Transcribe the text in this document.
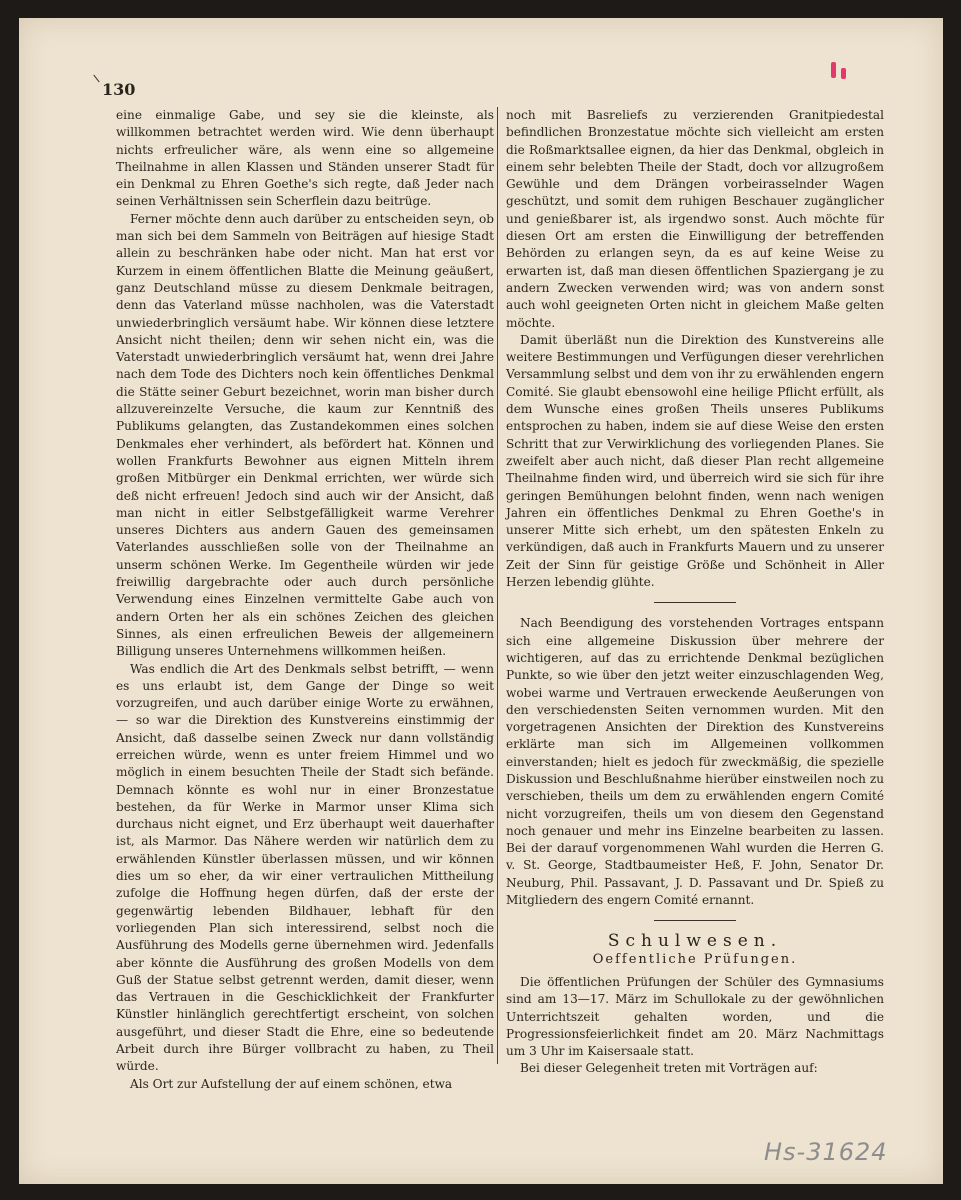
130

eine einmalige Gabe, und sey sie die kleinste, als willkommen betrachtet werden wird. Wie denn überhaupt nichts erfreulicher wäre, als wenn eine so allgemeine Theilnahme in allen Klassen und Ständen unserer Stadt für ein Denkmal zu Ehren Goethe's sich regte, daß Jeder nach seinen Verhältnissen sein Scherflein dazu beitrüge.

Ferner möchte denn auch darüber zu entscheiden seyn, ob man sich bei dem Sammeln von Beiträgen auf hiesige Stadt allein zu beschränken habe oder nicht. Man hat erst vor Kurzem in einem öffentlichen Blatte die Meinung geäußert, ganz Deutschland müsse zu diesem Denkmale beitragen, denn das Vaterland müsse nachholen, was die Vaterstadt unwiederbringlich versäumt habe. Wir können diese letztere Ansicht nicht theilen; denn wir sehen nicht ein, was die Vaterstadt unwiederbringlich versäumt hat, wenn drei Jahre nach dem Tode des Dichters noch kein öffentliches Denkmal die Stätte seiner Geburt bezeichnet, worin man bisher durch allzuvereinzelte Versuche, die kaum zur Kenntniß des Publikums gelangten, das Zustandekommen eines solchen Denkmales eher verhindert, als befördert hat. Können und wollen Frankfurts Bewohner aus eignen Mitteln ihrem großen Mitbürger ein Denkmal errichten, wer würde sich deß nicht erfreuen! Jedoch sind auch wir der Ansicht, daß man nicht in eitler Selbstgefälligkeit warme Verehrer unseres Dichters aus andern Gauen des gemeinsamen Vaterlandes ausschließen solle von der Theilnahme an unserm schönen Werke. Im Gegentheile würden wir jede freiwillig dargebrachte oder auch durch persönliche Verwendung eines Einzelnen vermittelte Gabe auch von andern Orten her als ein schönes Zeichen des gleichen Sinnes, als einen erfreulichen Beweis der allgemeinern Billigung unseres Unternehmens willkommen heißen.

Was endlich die Art des Denkmals selbst betrifft, — wenn es uns erlaubt ist, dem Gange der Dinge so weit vorzugreifen, und auch darüber einige Worte zu erwähnen, — so war die Direktion des Kunstvereins einstimmig der Ansicht, daß dasselbe seinen Zweck nur dann vollständig erreichen würde, wenn es unter freiem Himmel und wo möglich in einem besuchten Theile der Stadt sich befände. Demnach könnte es wohl nur in einer Bronzestatue bestehen, da für Werke in Marmor unser Klima sich durchaus nicht eignet, und Erz überhaupt weit dauerhafter ist, als Marmor. Das Nähere werden wir natürlich dem zu erwählenden Künstler überlassen müssen, und wir können dies um so eher, da wir einer vertraulichen Mittheilung zufolge die Hoffnung hegen dürfen, daß der erste der gegenwärtig lebenden Bildhauer, lebhaft für den vorliegenden Plan sich interessirend, selbst noch die Ausführung des Modells gerne übernehmen wird. Jedenfalls aber könnte die Ausführung des großen Modells von dem Guß der Statue selbst getrennt werden, damit dieser, wenn das Vertrauen in die Geschicklichkeit der Frankfurter Künstler hinlänglich gerechtfertigt erscheint, von solchen ausgeführt, und dieser Stadt die Ehre, eine so bedeutende Arbeit durch ihre Bürger vollbracht zu haben, zu Theil würde.

Als Ort zur Aufstellung der auf einem schönen, etwa

noch mit Basreliefs zu verzierenden Granitpiedestal befindlichen Bronzestatue möchte sich vielleicht am ersten die Roßmarktsallee eignen, da hier das Denkmal, obgleich in einem sehr belebten Theile der Stadt, doch vor allzugroßem Gewühle und dem Drängen vorbeirasselnder Wagen geschützt, und somit dem ruhigen Beschauer zugänglicher und genießbarer ist, als irgendwo sonst. Auch möchte für diesen Ort am ersten die Einwilligung der betreffenden Behörden zu erlangen seyn, da es auf keine Weise zu erwarten ist, daß man diesen öffentlichen Spaziergang je zu andern Zwecken verwenden wird; was von andern sonst auch wohl geeigneten Orten nicht in gleichem Maße gelten möchte.

Damit überläßt nun die Direktion des Kunstvereins alle weitere Bestimmungen und Verfügungen dieser verehrlichen Versammlung selbst und dem von ihr zu erwählenden engern Comité. Sie glaubt ebensowohl eine heilige Pflicht erfüllt, als dem Wunsche eines großen Theils unseres Publikums entsprochen zu haben, indem sie auf diese Weise den ersten Schritt that zur Verwirklichung des vorliegenden Planes. Sie zweifelt aber auch nicht, daß dieser Plan recht allgemeine Theilnahme finden wird, und überreich wird sie sich für ihre geringen Bemühungen belohnt finden, wenn nach wenigen Jahren ein öffentliches Denkmal zu Ehren Goethe's in unserer Mitte sich erhebt, um den spätesten Enkeln zu verkündigen, daß auch in Frankfurts Mauern und zu unserer Zeit der Sinn für geistige Größe und Schönheit in Aller Herzen lebendig glühte.

Nach Beendigung des vorstehenden Vortrages entspann sich eine allgemeine Diskussion über mehrere der wichtigeren, auf das zu errichtende Denkmal bezüglichen Punkte, so wie über den jetzt weiter einzuschlagenden Weg, wobei warme und Vertrauen erweckende Aeußerungen von den verschiedensten Seiten vernommen wurden. Mit den vorgetragenen Ansichten der Direktion des Kunstvereins erklärte man sich im Allgemeinen vollkommen einverstanden; hielt es jedoch für zweckmäßig, die spezielle Diskussion und Beschlußnahme hierüber einstweilen noch zu verschieben, theils um dem zu erwählenden engern Comité nicht vorzugreifen, theils um von diesem den Gegenstand noch genauer und mehr ins Einzelne bearbeiten zu lassen. Bei der darauf vorgenommenen Wahl wurden die Herren G. v. St. George, Stadtbaumeister Heß, F. John, Senator Dr. Neuburg, Phil. Passavant, J. D. Passavant und Dr. Spieß zu Mitgliedern des engern Comité ernannt.

Schulwesen.
Oeffentliche Prüfungen.

Die öffentlichen Prüfungen der Schüler des Gymnasiums sind am 13—17. März im Schullokale zu der gewöhnlichen Unterrichtszeit gehalten worden, und die Progressionsfeierlichkeit findet am 20. März Nachmittags um 3 Uhr im Kaisersaale statt.

Bei dieser Gelegenheit treten mit Vorträgen auf:

Hs-31624
